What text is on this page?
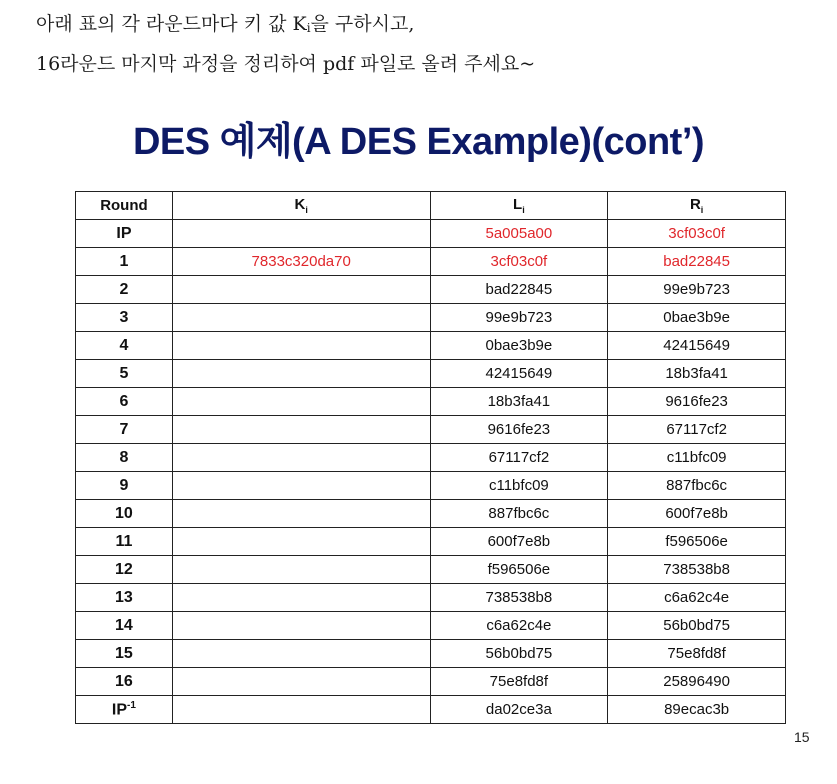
아래 표의 각 라운드마다 키 값 $K_i$을 구하시고,

16라운드 마지막 과정을 정리하여 pdf 파일로 올려 주세요~

DES 예제(A DES Example)(cont’)
Round	$K_i$	$L_i$	$R_i$
IP		5a005a00	3cf03c0f
1	7833c320da70	3cf03c0f	bad22845
2		bad22845	99e9b723
3		99e9b723	0bae3b9e
4		0bae3b9e	42415649
5		42415649	18b3fa41
6		18b3fa41	9616fe23
7		9616fe23	67117cf2
8		67117cf2	c11bfc09
9		c11bfc09	887fbc6c
10		887fbc6c	600f7e8b
11		600f7e8b	f596506e
12		f596506e	738538b8
13		738538b8	c6a62c4e
14		c6a62c4e	56b0bd75
15		56b0bd75	75e8fd8f
16		75e8fd8f	25896490
$IP^{-1}$		da02ce3a	89ecac3b
15
